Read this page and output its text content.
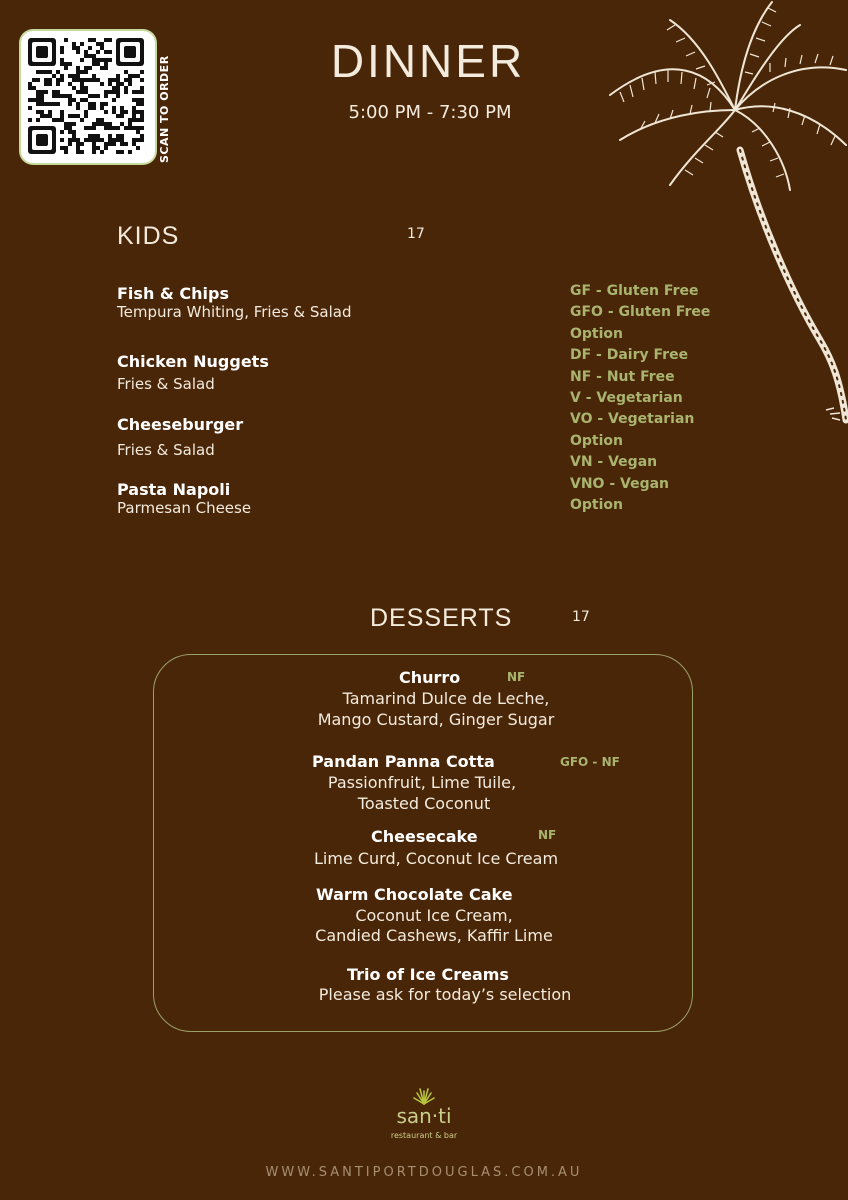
SCAN TO ORDER	DINNER
5:00 PM - 7:30 PM
KIDS	17
Fish & Chips
Tempura Whiting, Fries & Salad
Chicken Nuggets
Fries & Salad
Cheeseburger
Fries & Salad
Pasta Napoli
Parmesan Cheese
GF - Gluten Free
GFO - Gluten Free
Option
DF - Dairy Free
NF - Nut Free
V - Vegetarian
VO - Vegetarian
Option
VN - Vegan
VNO - Vegan
Option
DESSERTS	17
Churro	NF
Tamarind Dulce de Leche,
Mango Custard, Ginger Sugar
Pandan Panna Cotta	GFO - NF
Passionfruit, Lime Tuile,
Toasted Coconut
Cheesecake	NF
Lime Curd, Coconut Ice Cream
Warm Chocolate Cake
Coconut Ice Cream,
Candied Cashews, Kaffir Lime
Trio of Ice Creams
Please ask for today’s selection
san·ti
restaurant & bar
WWW.SANTIPORTDOUGLAS.COM.AU
